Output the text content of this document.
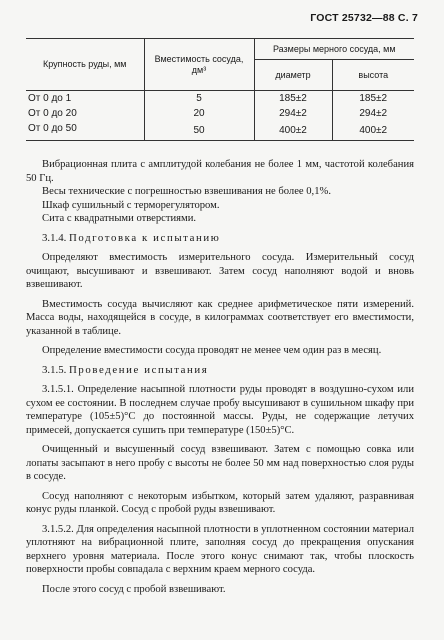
ГОСТ 25732—88 С. 7
Крупность руды, мм	Вместимость сосуда, дм³	Размеры мерного сосуда, мм	
		диаметр	высота
От 0 до 1	5	185±2	185±2
От 0 до 20	20	294±2	294±2
От 0 до 50	50	400±2	400±2

Вибрационная плита с амплитудой колебания не более 1 мм, частотой колебания 50 Гц.

Весы технические с погрешностью взвешивания не более 0,1%.

Шкаф сушильный с терморегулятором.

Сита с квадратными отверстиями.

3.1.4. Подготовка к испытанию

Определяют вместимость измерительного сосуда. Измерительный сосуд очищают, высушивают и взвешивают. Затем сосуд наполняют водой и вновь взвешивают.

Вместимость сосуда вычисляют как среднее арифметическое пяти измерений. Масса воды, находящейся в сосуде, в килограммах соответствует его вместимости, указанной в таблице.

Определение вместимости сосуда проводят не менее чем один раз в месяц.

3.1.5. Проведение испытания

3.1.5.1. Определение насыпной плотности руды проводят в воздушно-сухом или сухом ее состоянии. В последнем случае пробу высушивают в сушильном шкафу при температуре (105±5)°С до постоянной массы. Руды, не содержащие летучих примесей, допускается сушить при температуре (150±5)°С.

Очищенный и высушенный сосуд взвешивают. Затем с помощью совка или лопаты засыпают в него пробу с высоты не более 50 мм над поверхностью слоя руды в сосуде.

Сосуд наполняют с некоторым избытком, который затем удаляют, разравнивая конус руды планкой. Сосуд с пробой руды взвешивают.

3.1.5.2. Для определения насыпной плотности в уплотненном состоянии материал уплотняют на вибрационной плите, заполняя сосуд до прекращения опускания верхнего уровня материала. После этого конус снимают так, чтобы плоскость поверхности пробы совпадала с верхним краем мерного сосуда.

После этого сосуд с пробой взвешивают.
